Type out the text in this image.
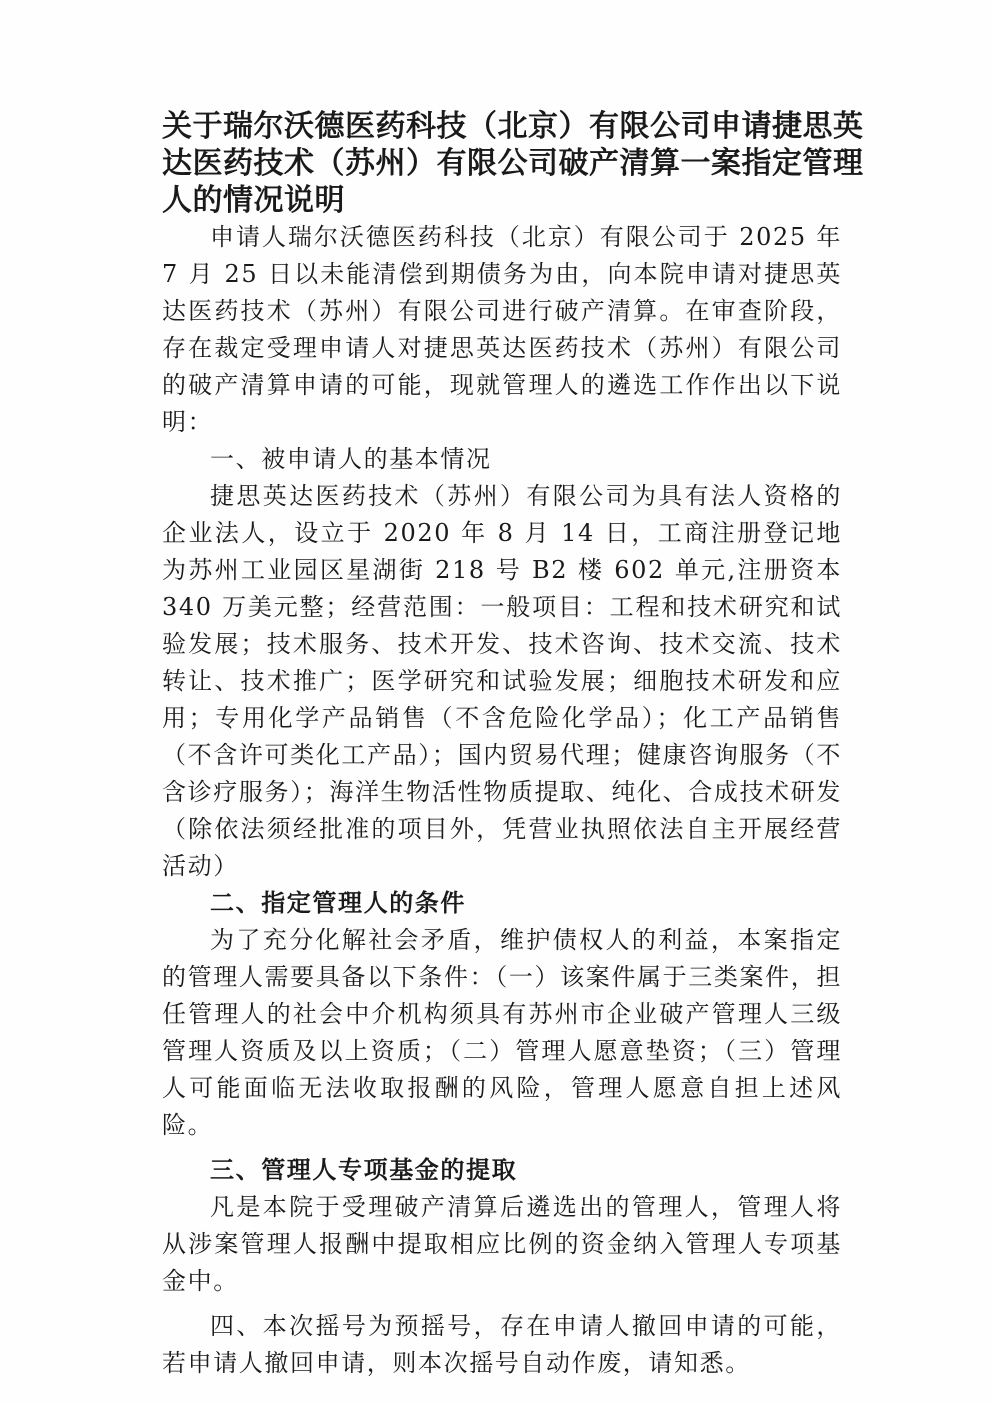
关于瑞尔沃德医药科技（北京）有限公司申请捷思英
达医药技术（苏州）有限公司破产清算一案指定管理
人的情况说明

申请人瑞尔沃德医药科技（北京）有限公司于 2025 年 7 月 25 日以未能清偿到期债务为由，向本院申请对捷思英达医药技术（苏州）有限公司进行破产清算。在审查阶段，存在裁定受理申请人对捷思英达医药技术（苏州）有限公司的破产清算申请的可能，现就管理人的遴选工作作出以下说明：

一、被申请人的基本情况

捷思英达医药技术（苏州）有限公司为具有法人资格的企业法人，设立于 2020 年 8 月 14 日，工商注册登记地为苏州工业园区星湖街 218 号 B2 楼 602 单元,注册资本 340 万美元整；经营范围：一般项目：工程和技术研究和试验发展；技术服务、技术开发、技术咨询、技术交流、技术转让、技术推广；医学研究和试验发展；细胞技术研发和应用；专用化学产品销售（不含危险化学品）；化工产品销售（不含许可类化工产品）；国内贸易代理；健康咨询服务（不含诊疗服务）；海洋生物活性物质提取、纯化、合成技术研发（除依法须经批准的项目外，凭营业执照依法自主开展经营活动）

二、指定管理人的条件

为了充分化解社会矛盾，维护债权人的利益，本案指定的管理人需要具备以下条件：（一）该案件属于三类案件，担任管理人的社会中介机构须具有苏州市企业破产管理人三级管理人资质及以上资质；（二）管理人愿意垫资；（三）管理人可能面临无法收取报酬的风险，管理人愿意自担上述风险。

三、管理人专项基金的提取

凡是本院于受理破产清算后遴选出的管理人，管理人将从涉案管理人报酬中提取相应比例的资金纳入管理人专项基金中。

四、本次摇号为预摇号，存在申请人撤回申请的可能，若申请人撤回申请，则本次摇号自动作废，请知悉。
